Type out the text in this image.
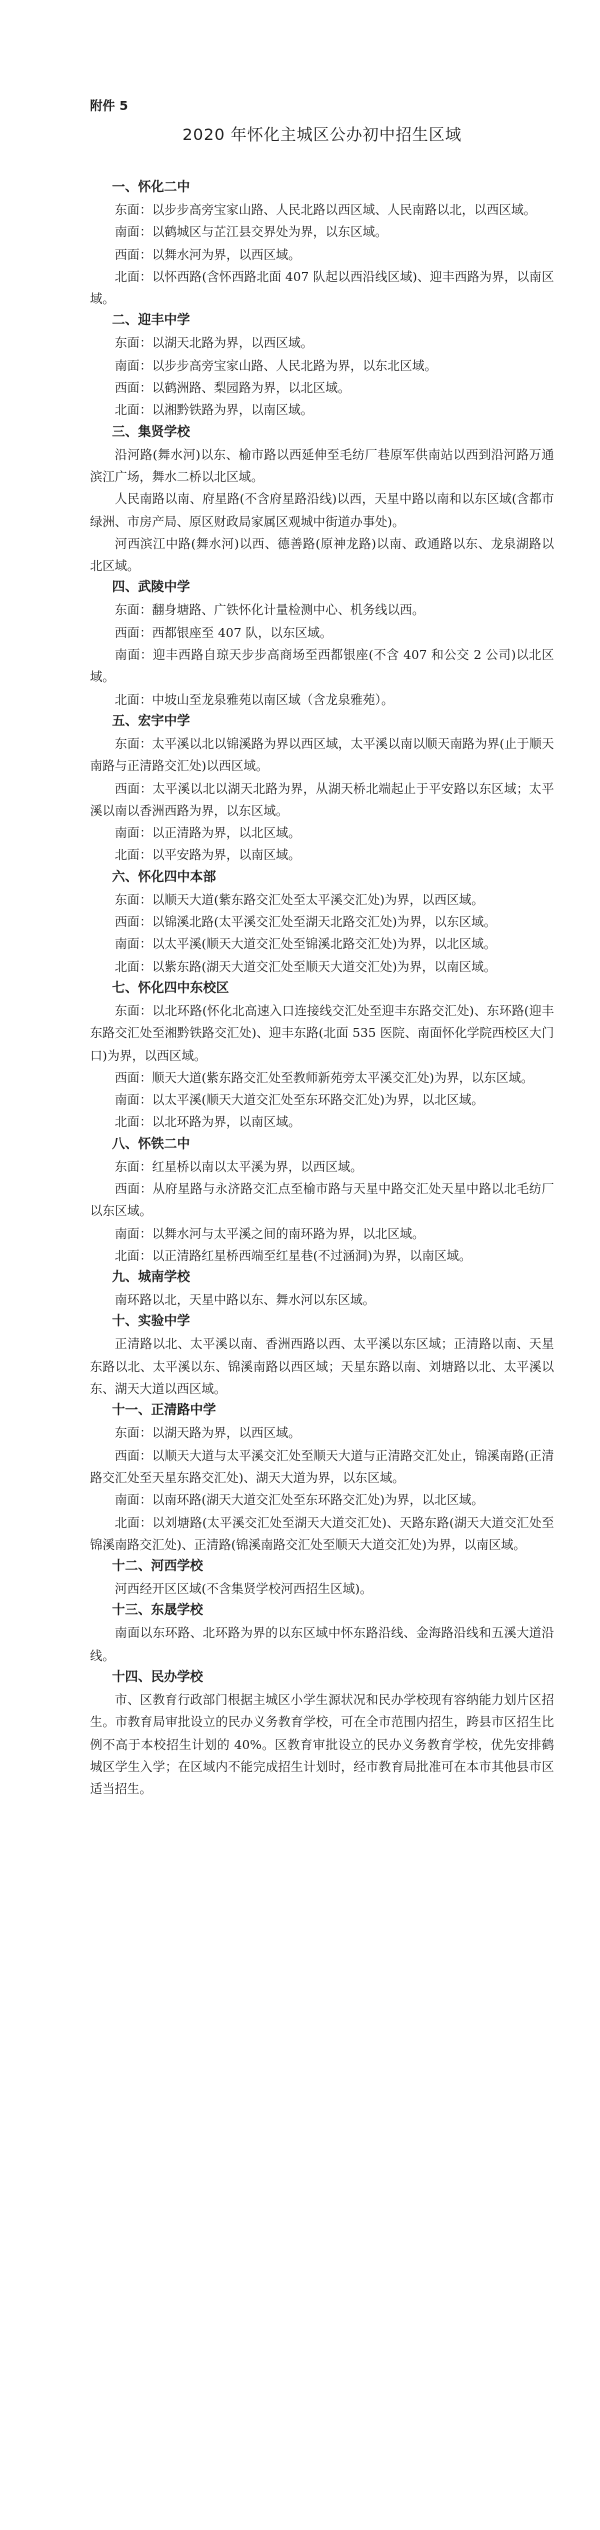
附件 5
2020 年怀化主城区公办初中招生区域
一、怀化二中

东面：以步步高旁宝家山路、人民北路以西区域、人民南路以北，以西区域。

南面：以鹤城区与芷江县交界处为界，以东区域。

西面：以舞水河为界，以西区域。

北面：以怀西路(含怀西路北面 407 队起以西沿线区域)、迎丰西路为界，以南区域。

二、迎丰中学

东面：以湖天北路为界，以西区域。

南面：以步步高旁宝家山路、人民北路为界，以东北区域。

西面：以鹤洲路、梨园路为界，以北区域。

北面：以湘黔铁路为界，以南区域。

三、集贤学校

沿河路(舞水河)以东、榆市路以西延伸至毛纺厂巷原军供南站以西到沿河路万通滨江广场，舞水二桥以北区域。

人民南路以南、府星路(不含府星路沿线)以西，天星中路以南和以东区域(含都市绿洲、市房产局、原区财政局家属区观城中街道办事处)。

河西滨江中路(舞水河)以西、德善路(原神龙路)以南、政通路以东、龙泉湖路以北区域。

四、武陵中学

东面：翻身塘路、广铁怀化计量检测中心、机务线以西。

西面：西都银座至 407 队，以东区域。

南面：迎丰西路自琼天步步高商场至西都银座(不含 407 和公交 2 公司)以北区域。

北面：中坡山至龙泉雅苑以南区域（含龙泉雅苑）。

五、宏宇中学

东面：太平溪以北以锦溪路为界以西区域，太平溪以南以顺天南路为界(止于顺天南路与正清路交汇处)以西区域。

西面：太平溪以北以湖天北路为界，从湖天桥北端起止于平安路以东区域；太平溪以南以香洲西路为界，以东区域。

南面：以正清路为界，以北区域。

北面：以平安路为界，以南区域。

六、怀化四中本部

东面：以顺天大道(紫东路交汇处至太平溪交汇处)为界，以西区域。

西面：以锦溪北路(太平溪交汇处至湖天北路交汇处)为界，以东区域。

南面：以太平溪(顺天大道交汇处至锦溪北路交汇处)为界，以北区域。

北面：以紫东路(湖天大道交汇处至顺天大道交汇处)为界，以南区域。

七、怀化四中东校区

东面：以北环路(怀化北高速入口连接线交汇处至迎丰东路交汇处)、东环路(迎丰东路交汇处至湘黔铁路交汇处)、迎丰东路(北面 535 医院、南面怀化学院西校区大门口)为界，以西区域。

西面：顺天大道(紫东路交汇处至教师新苑旁太平溪交汇处)为界，以东区域。

南面：以太平溪(顺天大道交汇处至东环路交汇处)为界，以北区域。

北面：以北环路为界，以南区域。

八、怀铁二中

东面：红星桥以南以太平溪为界，以西区域。

西面：从府星路与永济路交汇点至榆市路与天星中路交汇处天星中路以北毛纺厂以东区域。

南面：以舞水河与太平溪之间的南环路为界，以北区域。

北面：以正清路红星桥西端至红星巷(不过涵洞)为界，以南区域。

九、城南学校

南环路以北，天星中路以东、舞水河以东区域。

十、实验中学

正清路以北、太平溪以南、香洲西路以西、太平溪以东区域；正清路以南、天星东路以北、太平溪以东、锦溪南路以西区域；天星东路以南、刘塘路以北、太平溪以东、湖天大道以西区域。

十一、正清路中学

东面：以湖天路为界，以西区域。

西面：以顺天大道与太平溪交汇处至顺天大道与正清路交汇处止，锦溪南路(正清路交汇处至天星东路交汇处)、湖天大道为界，以东区域。

南面：以南环路(湖天大道交汇处至东环路交汇处)为界，以北区域。

北面：以刘塘路(太平溪交汇处至湖天大道交汇处)、天路东路(湖天大道交汇处至锦溪南路交汇处)、正清路(锦溪南路交汇处至顺天大道交汇处)为界，以南区域。

十二、河西学校

河西经开区区域(不含集贤学校河西招生区域)。

十三、东晟学校

南面以东环路、北环路为界的以东区域中怀东路沿线、金海路沿线和五溪大道沿线。

十四、民办学校

市、区教育行政部门根据主城区小学生源状况和民办学校现有容纳能力划片区招生。市教育局审批设立的民办义务教育学校，可在全市范围内招生，跨县市区招生比例不高于本校招生计划的 40%。区教育审批设立的民办义务教育学校，优先安排鹤城区学生入学；在区域内不能完成招生计划时，经市教育局批准可在本市其他县市区适当招生。
